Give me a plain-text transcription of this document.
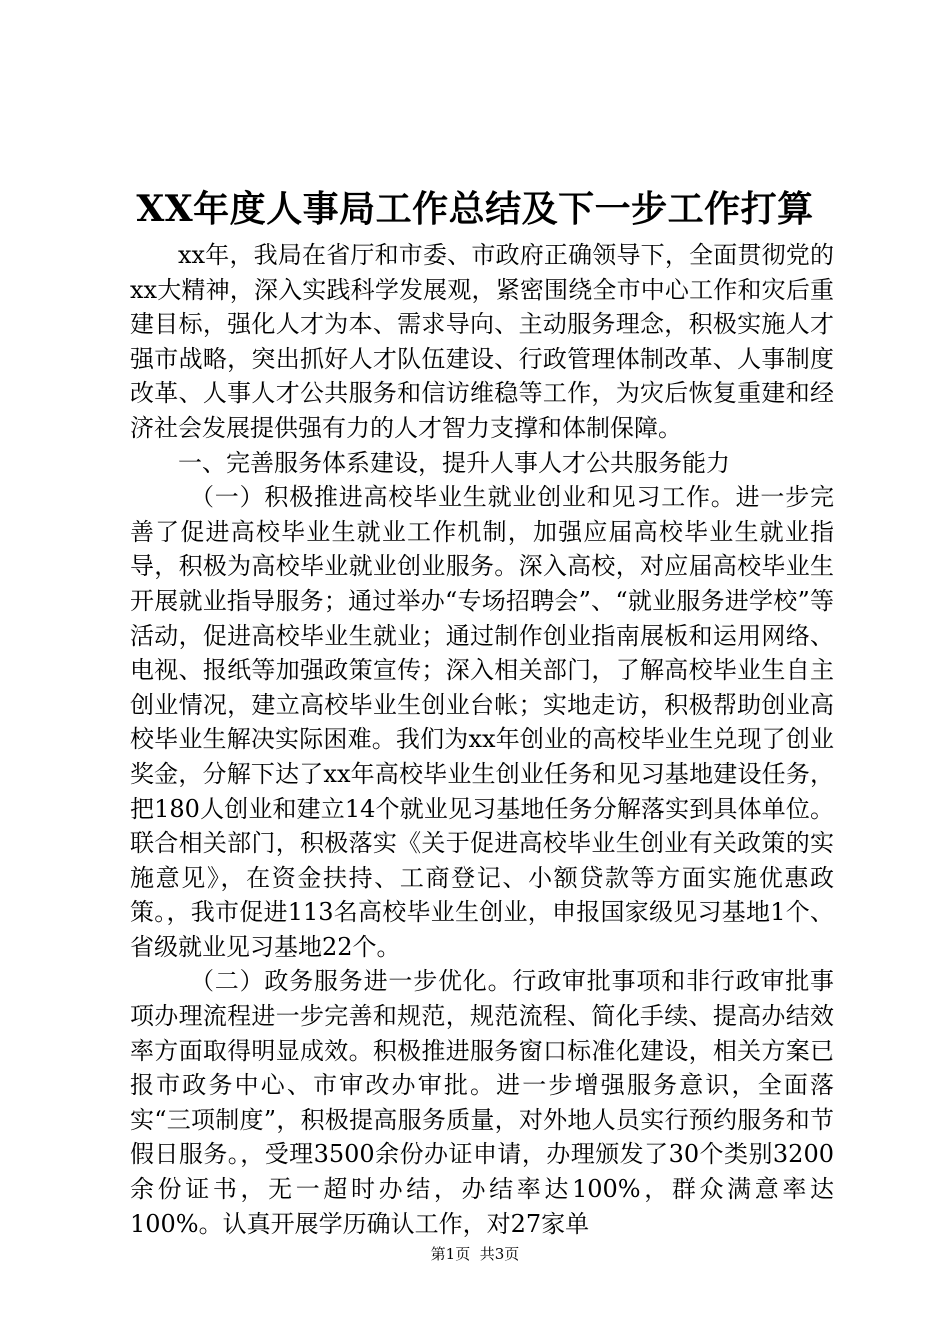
XX年度人事局工作总结及下一步工作打算

xx年，我局在省厅和市委、市政府正确领导下，全面贯彻党的xx大精神，深入实践科学发展观，紧密围绕全市中心工作和灾后重建目标，强化人才为本、需求导向、主动服务理念，积极实施人才强市战略，突出抓好人才队伍建设、行政管理体制改革、人事制度改革、人事人才公共服务和信访维稳等工作，为灾后恢复重建和经济社会发展提供强有力的人才智力支撑和体制保障。

一、完善服务体系建设，提升人事人才公共服务能力

（一）积极推进高校毕业生就业创业和见习工作。进一步完善了促进高校毕业生就业工作机制，加强应届高校毕业生就业指导，积极为高校毕业就业创业服务。深入高校，对应届高校毕业生开展就业指导服务；通过举办“专场招聘会”、“就业服务进学校”等活动，促进高校毕业生就业；通过制作创业指南展板和运用网络、电视、报纸等加强政策宣传；深入相关部门，了解高校毕业生自主创业情况，建立高校毕业生创业台帐；实地走访，积极帮助创业高校毕业生解决实际困难。我们为xx年创业的高校毕业生兑现了创业奖金，分解下达了xx年高校毕业生创业任务和见习基地建设任务，把180人创业和建立14个就业见习基地任务分解落实到具体单位。联合相关部门，积极落实《关于促进高校毕业生创业有关政策的实施意见》，在资金扶持、工商登记、小额贷款等方面实施优惠政策。，我市促进113名高校毕业生创业，申报国家级见习基地1个、省级就业见习基地22个。

（二）政务服务进一步优化。行政审批事项和非行政审批事项办理流程进一步完善和规范，规范流程、简化手续、提高办结效率方面取得明显成效。积极推进服务窗口标准化建设，相关方案已报市政务中心、市审改办审批。进一步增强服务意识，全面落实“三项制度”，积极提高服务质量，对外地人员实行预约服务和节假日服务。，受理3500余份办证申请，办理颁发了30个类别3200余份证书，无一超时办结，办结率达100%，群众满意率达100%。认真开展学历确认工作，对27家单

第1页 共3页
